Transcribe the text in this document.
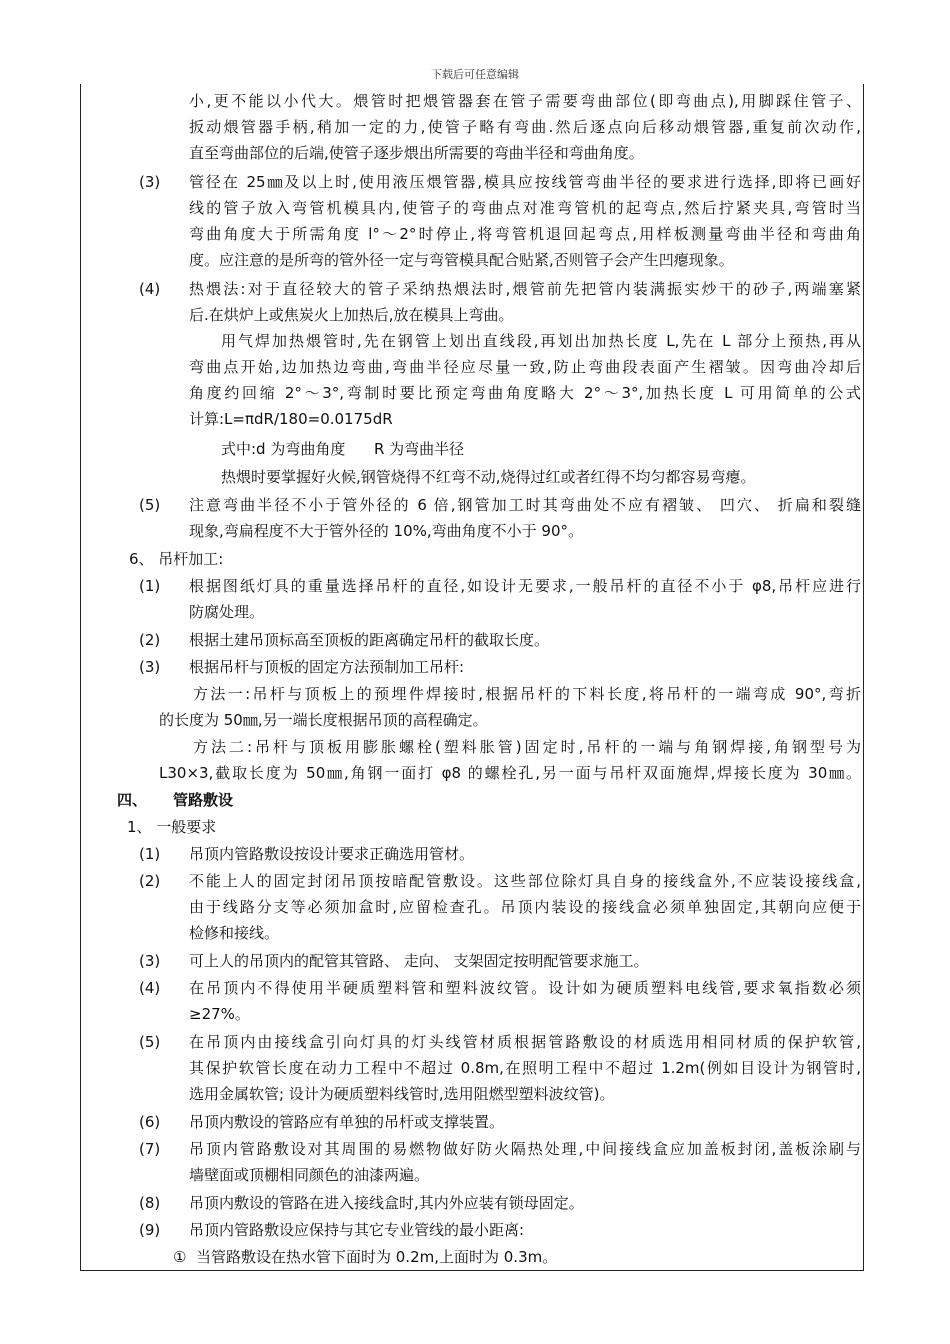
下载后可任意编辑
小,更不能以小代大。煨管时把煨管器套在管子需要弯曲部位(即弯曲点),用脚踩住管子、
扳动煨管器手柄,稍加一定的力,使管子略有弯曲.然后逐点向后移动煨管器,重复前次动作,
直至弯曲部位的后端,使管子逐步煨出所需要的弯曲半径和弯曲角度。
(3) 管径在 25㎜及以上时,使用液压煨管器,模具应按线管弯曲半径的要求进行选择,即将已画好
线的管子放入弯管机模具内,使管子的弯曲点对准弯管机的起弯点,然后拧紧夹具,弯管时当
弯曲角度大于所需角度 l°～2°时停止,将弯管机退回起弯点,用样板测量弯曲半径和弯曲角
度。应注意的是所弯的管外径一定与弯管模具配合贴紧,否则管子会产生凹瘪现象。
(4) 热煨法:对于直径较大的管子采纳热煨法时,煨管前先把管内装满振实炒干的砂子,两端塞紧
后.在烘炉上或焦炭火上加热后,放在模具上弯曲。
用气焊加热煨管时,先在钢管上划出直线段,再划出加热长度 L,先在 L 部分上预热,再从
弯曲点开始,边加热边弯曲,弯曲半径应尽量一致,防止弯曲段表面产生褶皱。因弯曲冷却后
角度约回缩 2°～3°,弯制时要比预定弯曲角度略大 2°～3°,加热长度 L 可用简单的公式
计算:L=πdR/180=0.0175dR
式中:d 为弯曲角度      R 为弯曲半径
热煨时要掌握好火候,钢管烧得不红弯不动,烧得过红或者红得不均匀都容易弯瘪。
(5) 注意弯曲半径不小于管外径的 6 倍,钢管加工时其弯曲处不应有褶皱、 凹穴、 折扁和裂缝
现象,弯扁程度不大于管外径的 10%,弯曲角度不小于 90°。
6、 吊杆加工:
(1) 根据图纸灯具的重量选择吊杆的直径,如设计无要求,一般吊杆的直径不小于 φ8,吊杆应进行
防腐处理。
(2) 根据土建吊顶标高至顶板的距离确定吊杆的截取长度。
(3) 根据吊杆与顶板的固定方法预制加工吊杆:
方法一:吊杆与顶板上的预埋件焊接时,根据吊杆的下料长度,将吊杆的一端弯成 90°,弯折
的长度为 50㎜,另一端长度根据吊顶的高程确定。
方法二:吊杆与顶板用膨胀螺栓(塑料胀管)固定时,吊杆的一端与角钢焊接,角钢型号为
L30×3,截取长度为 50㎜,角钢一面打 φ8 的螺栓孔,另一面与吊杆双面施焊,焊接长度为 30㎜。
四、 管路敷设
1、 一般要求
(1) 吊顶内管路敷设按设计要求正确选用管材。
(2) 不能上人的固定封闭吊顶按暗配管敷设。这些部位除灯具自身的接线盒外,不应装设接线盒,
由于线路分支等必须加盒时,应留检查孔。吊顶内装设的接线盒必须单独固定,其朝向应便于
检修和接线。
(3) 可上人的吊顶内的配管其管路、 走向、 支架固定按明配管要求施工。
(4) 在吊顶内不得使用半硬质塑料管和塑料波纹管。设计如为硬质塑料电线管,要求氧指数必须
≥27%。
(5) 在吊顶内由接线盒引向灯具的灯头线管材质根据管路敷设的材质选用相同材质的保护软管,
其保护软管长度在动力工程中不超过 0.8m,在照明工程中不超过 1.2m(例如目设计为钢管时,
选用金属软管; 设计为硬质塑料线管时,选用阻燃型塑料波纹管)。
(6) 吊顶内敷设的管路应有单独的吊杆或支撑装置。
(7) 吊顶内管路敷设对其周围的易燃物做好防火隔热处理,中间接线盒应加盖板封闭,盖板涂刷与
墙壁面或顶棚相同颜色的油漆两遍。
(8) 吊顶内敷设的管路在进入接线盒时,其内外应装有锁母固定。
(9) 吊顶内管路敷设应保持与其它专业管线的最小距离:
①  当管路敷设在热水管下面时为 0.2m,上面时为 0.3m。
